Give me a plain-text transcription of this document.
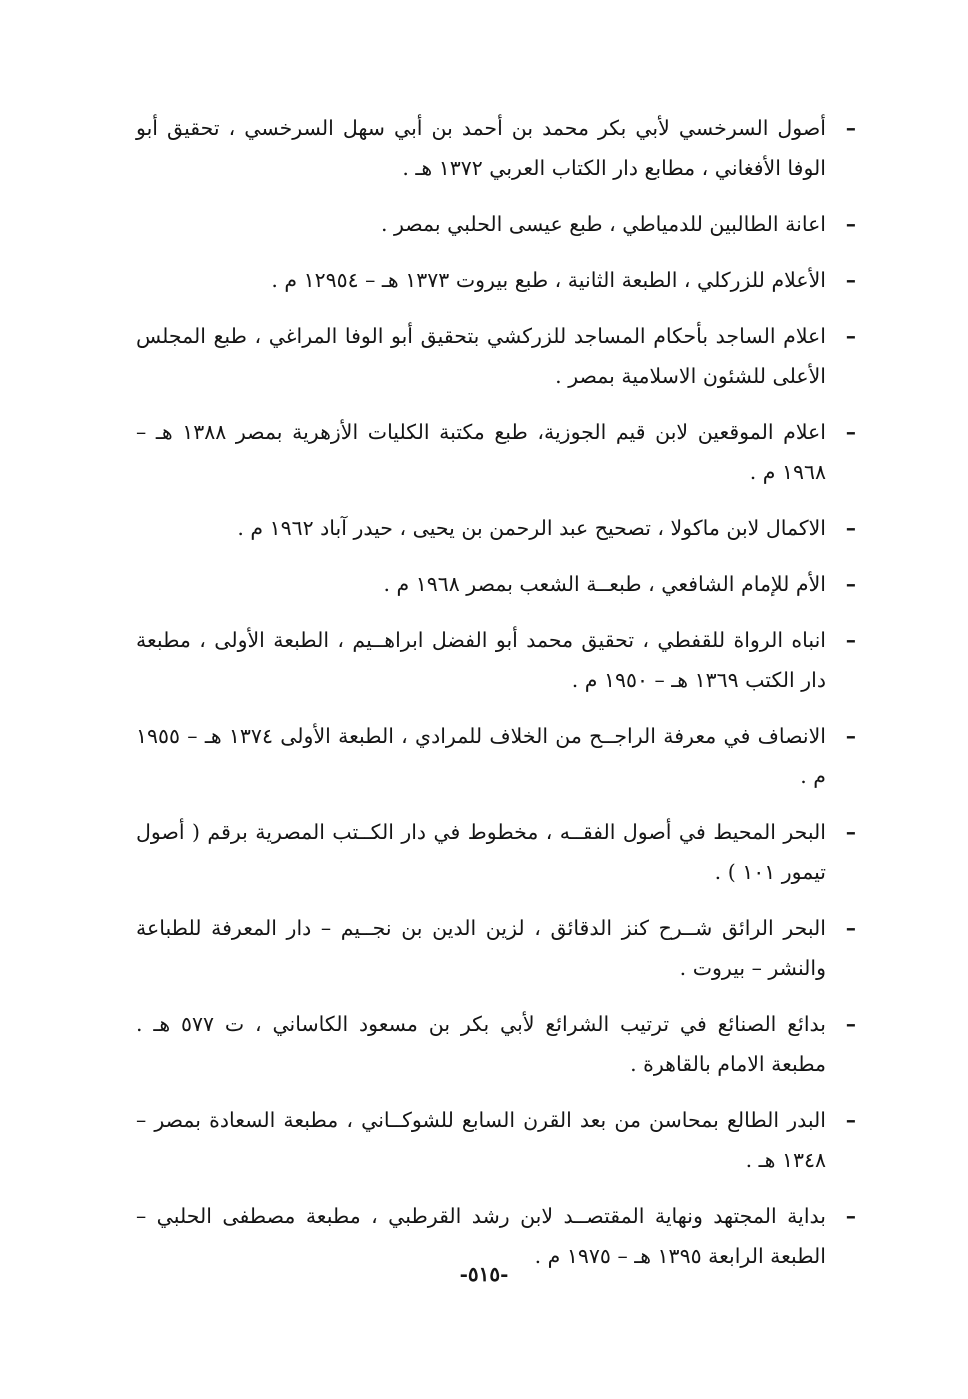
–
أصول السرخسي لأبي بكر محمد بن أحمد بن أبي سهل السرخسي ، تحقيق أبو الوفا الأفغاني ، مطابع دار الكتاب العربي ١٣٧٢ هـ .
–
اعانة الطالبين للدمياطي ، طبع عيسى الحلبي بمصر .
–
الأعلام للزركلي ، الطبعة الثانية ، طبع بيروت ١٣٧٣ هـ – ١٢٩٥٤ م .
–
اعلام الساجد بأحكام المساجد للزركشي بتحقيق أبو الوفا المراغي ، طبع المجلس الأعلى للشئون الاسلامية بمصر .
–
اعلام الموقعين لابن قيم الجوزية، طبع مكتبة الكليات الأزهرية بمصر ١٣٨٨ هـ – ١٩٦٨ م .
–
الاكمال لابن ماكولا ، تصحيح عبد الرحمن بن يحيى ، حيدر آباد ١٩٦٢ م .
–
الأم للإمام الشافعي ، طبعــة الشعب بمصر ١٩٦٨ م .
–
انباه الرواة للقفطي ، تحقيق محمد أبو الفضل ابراهــيم ، الطبعة الأولى ، مطبعة دار الكتب ١٣٦٩ هـ – ١٩٥٠ م .
–
الانصاف في معرفة الراجــح من الخلاف للمرادي ، الطبعة الأولى ١٣٧٤ هـ – ١٩٥٥ م .
–
البحر المحيط في أصول الفقــه ، مخطوط في دار الكــتب المصرية برقم ( أصول تيمور ١٠١ ) .
–
البحر الرائق شــرح كنز الدقائق ، لزين الدين بن نجــيم – دار المعرفة للطباعة والنشر – بيروت .
–
بدائع الصنائع في ترتيب الشرائع لأبي بكر بن مسعود الكاساني ، ت ٥٧٧ هـ . مطبعة الامام بالقاهرة .
–
البدر الطالع بمحاسن من بعد القرن السابع للشوكــاني ، مطبعة السعادة بمصر – ١٣٤٨ هـ .
–
بداية المجتهد ونهاية المقتصــد لابن رشد القرطبي ، مطبعة مصطفى الحلبي – الطبعة الرابعة ١٣٩٥ هـ – ١٩٧٥ م .
-٥١٥-
